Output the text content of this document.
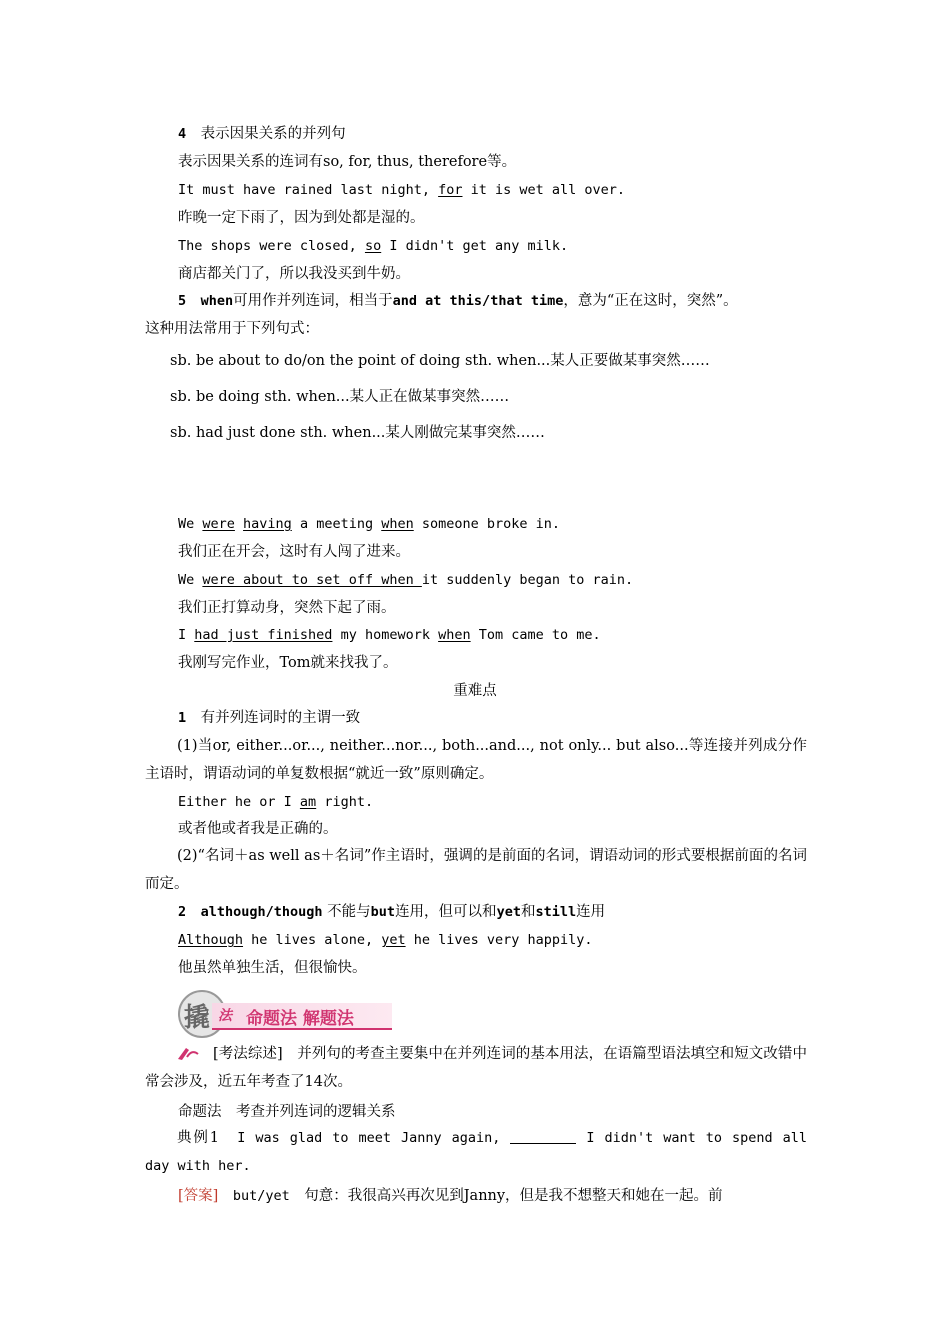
4　 表示因果关系的并列句
表示因果关系的连词有so, for, thus, therefore等。
It must have rained last night, for it is wet all over.
昨晚一定下雨了，因为到处都是湿的。
The shops were closed, so I didn't get any milk.
商店都关门了，所以我没买到牛奶。
5　 when可用作并列连词，相当于and at this/that time，意为“正在这时，突然”。
这种用法常用于下列句式：
sb. be about to do/on the point of doing sth. when...某人正要做某事突然……
sb. be doing sth. when...某人正在做某事突然……
sb. had just done sth. when...某人刚做完某事突然……
We were having a meeting when someone broke in.
我们正在开会，这时有人闯了进来。
We were about to set off when it suddenly began to rain.
我们正打算动身，突然下起了雨。
I had just finished my homework when Tom came to me.
我刚写完作业，Tom就来找我了。
重难点
1　 有并列连词时的主谓一致
(1)当or, either...or..., neither...nor..., both...and..., not only... but also...等连接并列成分作主语时，谓语动词的单复数根据“就近一致”原则确定。
Either he or I am right.
或者他或者我是正确的。
(2)“名词＋as well as＋名词”作主语时，强调的是前面的名词，谓语动词的形式要根据前面的名词而定。
2　 although/though 不能与but连用，但可以和yet和still连用
Although he lives alone, yet he lives very happily.
他虽然单独生活，但很愉快。
撬 法 命题法 解题法
[考法综述]　 并列句的考查主要集中在并列连词的基本用法，在语篇型语法填空和短文改错中常会涉及，近五年考查了14次。
命题法　考查并列连词的逻辑关系
典例1　 I was glad to meet Janny again,	I didn't want to spend all day with her.
[答案]　 but/yet　 句意：我很高兴再次见到Janny，但是我不想整天和她在一起。前
